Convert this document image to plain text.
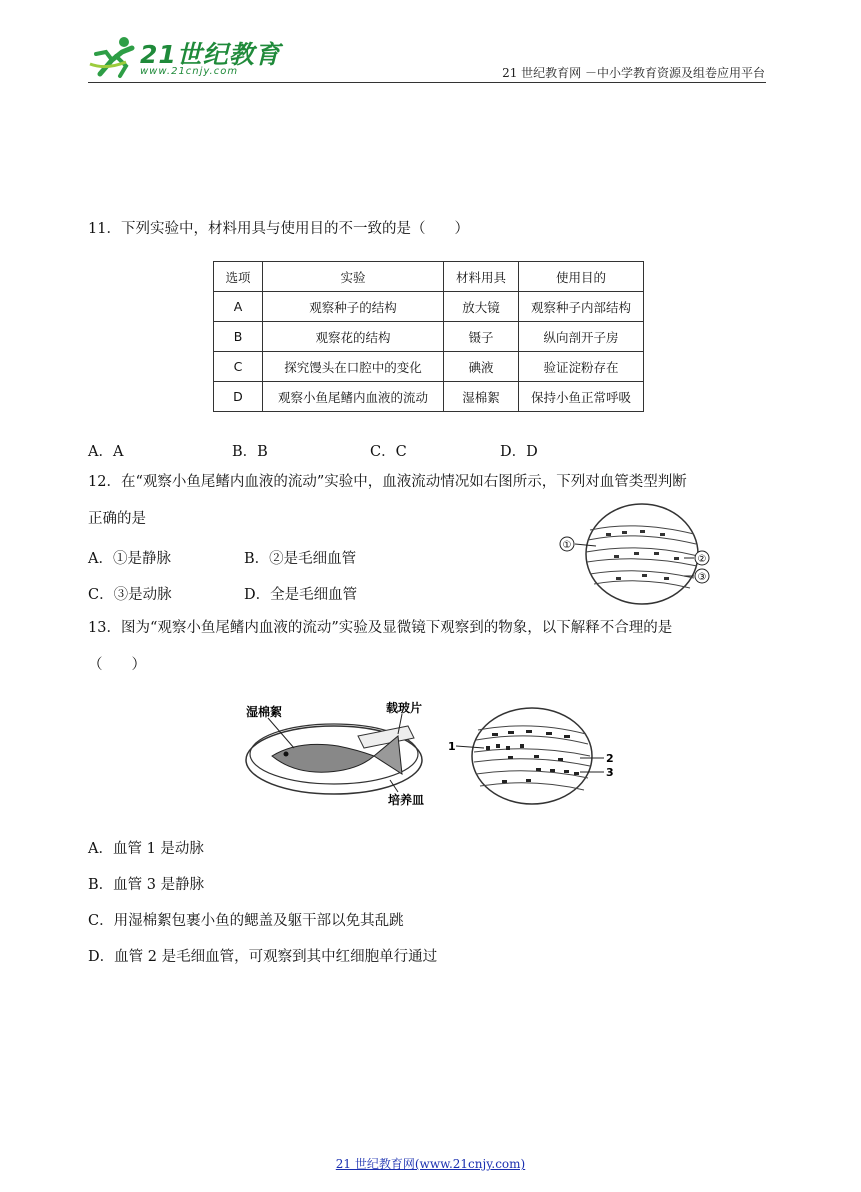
21世纪教育
www.21cnjy.com	21 世纪教育网 －中小学教育资源及组卷应用平台
11．下列实验中，材料用具与使用目的不一致的是（　　）
选项	实验	材料用具	使用目的
A	观察种子的结构	放大镜	观察种子内部结构
B	观察花的结构	镊子	纵向剖开子房
C	探究馒头在口腔中的变化	碘液	验证淀粉存在
D	观察小鱼尾鳍内血液的流动	湿棉絮	保持小鱼正常呼吸
A．A	B．B	C．C	D．D
12．在“观察小鱼尾鳍内血液的流动”实验中，血液流动情况如右图所示，下列对血管类型判断
正确的是
A．①是静脉	B．②是毛细血管
C．③是动脉	D．全是毛细血管
①
②
③
13．图为“观察小鱼尾鳍内血液的流动”实验及显微镜下观察到的物象，以下解释不合理的是
（　　）
湿棉絮	载玻片
培养皿
1
2
3
A．血管 1 是动脉
B．血管 3 是静脉
C．用湿棉絮包裹小鱼的鳃盖及躯干部以免其乱跳
D．血管 2 是毛细血管，可观察到其中红细胞单行通过
21 世纪教育网(www.21cnjy.com)
